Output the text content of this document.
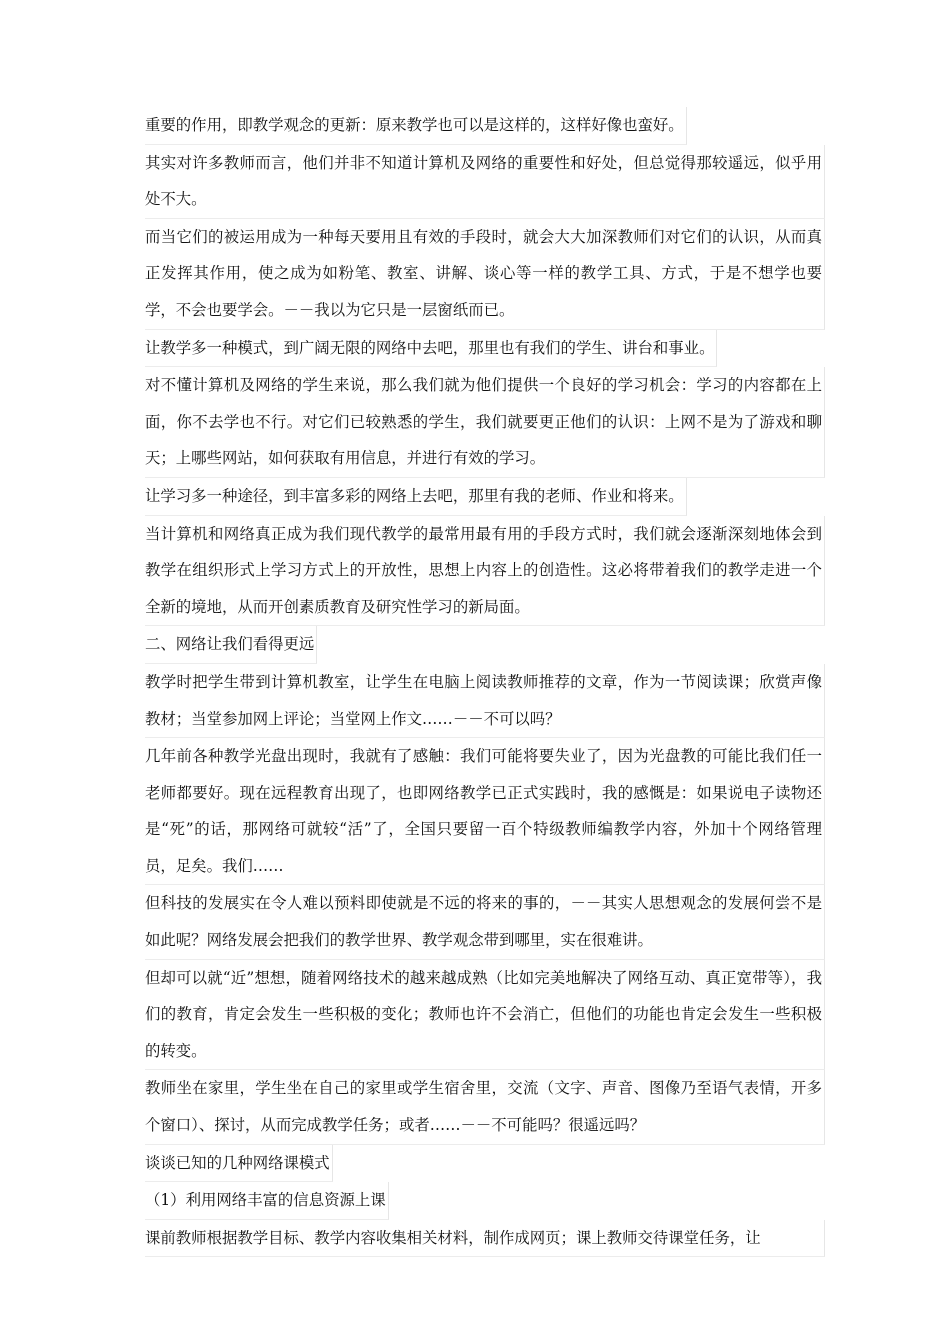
重要的作用，即教学观念的更新：原来教学也可以是这样的，这样好像也蛮好。

其实对许多教师而言，他们并非不知道计算机及网络的重要性和好处，但总觉得那较遥远，似乎用处不大。

而当它们的被运用成为一种每天要用且有效的手段时，就会大大加深教师们对它们的认识，从而真正发挥其作用，使之成为如粉笔、教室、讲解、谈心等一样的教学工具、方式，于是不想学也要学，不会也要学会。－－我以为它只是一层窗纸而已。

让教学多一种模式，到广阔无限的网络中去吧，那里也有我们的学生、讲台和事业。

对不懂计算机及网络的学生来说，那么我们就为他们提供一个良好的学习机会：学习的内容都在上面，你不去学也不行。对它们已较熟悉的学生，我们就要更正他们的认识：上网不是为了游戏和聊天；上哪些网站，如何获取有用信息，并进行有效的学习。

让学习多一种途径，到丰富多彩的网络上去吧，那里有我的老师、作业和将来。

当计算机和网络真正成为我们现代教学的最常用最有用的手段方式时，我们就会逐渐深刻地体会到教学在组织形式上学习方式上的开放性，思想上内容上的创造性。这必将带着我们的教学走进一个全新的境地，从而开创素质教育及研究性学习的新局面。

二、网络让我们看得更远

教学时把学生带到计算机教室，让学生在电脑上阅读教师推荐的文章，作为一节阅读课；欣赏声像教材；当堂参加网上评论；当堂网上作文……－－不可以吗？

几年前各种教学光盘出现时，我就有了感触：我们可能将要失业了，因为光盘教的可能比我们任一老师都要好。现在远程教育出现了，也即网络教学已正式实践时，我的感慨是：如果说电子读物还是“死”的话，那网络可就较“活”了，全国只要留一百个特级教师编教学内容，外加十个网络管理员，足矣。我们……

但科技的发展实在令人难以预料即使就是不远的将来的事的，－－其实人思想观念的发展何尝不是如此呢？网络发展会把我们的教学世界、教学观念带到哪里，实在很难讲。

但却可以就“近”想想，随着网络技术的越来越成熟（比如完美地解决了网络互动、真正宽带等），我们的教育，肯定会发生一些积极的变化；教师也许不会消亡，但他们的功能也肯定会发生一些积极的转变。

教师坐在家里，学生坐在自己的家里或学生宿舍里，交流（文字、声音、图像乃至语气表情，开多个窗口）、探讨，从而完成教学任务；或者……－－不可能吗？很遥远吗？

谈谈已知的几种网络课模式

（1）利用网络丰富的信息资源上课

课前教师根据教学目标、教学内容收集相关材料，制作成网页；课上教师交待课堂任务，让
